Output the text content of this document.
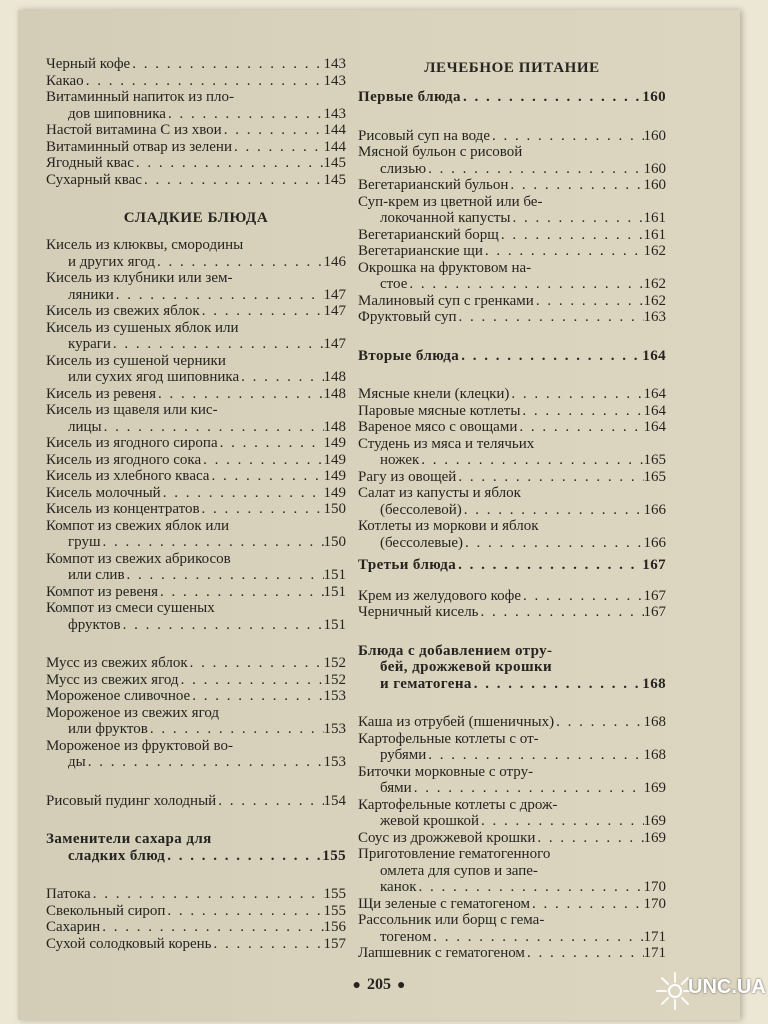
Черный кофе . . .	143
Какао . . .	143
Витаминный напиток из пло-
дов шиповника . . .	143
Настой витамина С из хвои . . .	144
Витаминный отвар из зелени . . .	144
Ягодный квас . . .	145
Сухарный квас . . .	145
СЛАДКИЕ БЛЮДА
Кисель из клюквы, смородины
и других ягод . . .	146
Кисель из клубники или зем-
ляники . . .	147
Кисель из свежих яблок . . .	147
Кисель из сушеных яблок или
кураги . . .	147
Кисель из сушеной черники
или сухих ягод шиповника . . .	148
Кисель из ревеня . . .	148
Кисель из щавеля или кис-
лицы . . .	148
Кисель из ягодного сиропа . . .	149
Кисель из ягодного сока . . .	149
Кисель из хлебного кваса . . .	149
Кисель молочный . . .	149
Кисель из концентратов . . .	150
Компот из свежих яблок или
груш . . .	150
Компот из свежих абрикосов
или слив . . .	151
Компот из ревеня . . .	151
Компот из смеси сушеных
фруктов . . .	151
Мусс из свежих яблок . . .	152
Мусс из свежих ягод . . .	152
Мороженое сливочное . . .	153
Мороженое из свежих ягод
или фруктов . . .	153
Мороженое из фруктовой во-
ды . . .	153
Рисовый пудинг холодный . . .	154
Заменители сахара для
сладких блюд . . .	155
Патока . . .	155
Свекольный сироп . . .	155
Сахарин . . .	156
Сухой солодковый корень . . .	157
ЛЕЧЕБНОЕ ПИТАНИЕ
Первые блюда . . .	160
Рисовый суп на воде . . .	160
Мясной бульон с рисовой
слизью . . .	160
Вегетарианский бульон . . .	160
Суп-крем из цветной или бе-
локочанной капусты . . .	161
Вегетарианский борщ . . .	161
Вегетарианские щи . . .	162
Окрошка на фруктовом на-
стое . . .	162
Малиновый суп с гренками . . .	162
Фруктовый суп . . .	163
Вторые блюда . . .	164
Мясные кнели (клецки) . . .	164
Паровые мясные котлеты . . .	164
Вареное мясо с овощами . . .	164
Студень из мяса и телячьих
ножек . . .	165
Рагу из овощей . . .	165
Салат из капусты и яблок
(бессолевой) . . .	166
Котлеты из моркови и яблок
(бессолевые) . . .	166
Третьи блюда . . .	167
Крем из желудового кофе . . .	167
Черничный кисель . . .	167
Блюда с добавлением отру-
бей, дрожжевой крошки
и гематогена . . .	168
Каша из отрубей (пшеничных) . . .	168
Картофельные котлеты с от-
рубями . . .	168
Биточки морковные с отру-
бями . . .	169
Картофельные котлеты с дрож-
жевой крошкой . . .	169
Соус из дрожжевой крошки . . .	169
Приготовление гематогенного
омлета для супов и запе-
канок . . .	170
Щи зеленые с гематогеном . . .	170
Рассольник или борщ с гема-
тогеном . . .	171
Лапшевник с гематогеном . . .	171
● 205 ●	UNC.UA
